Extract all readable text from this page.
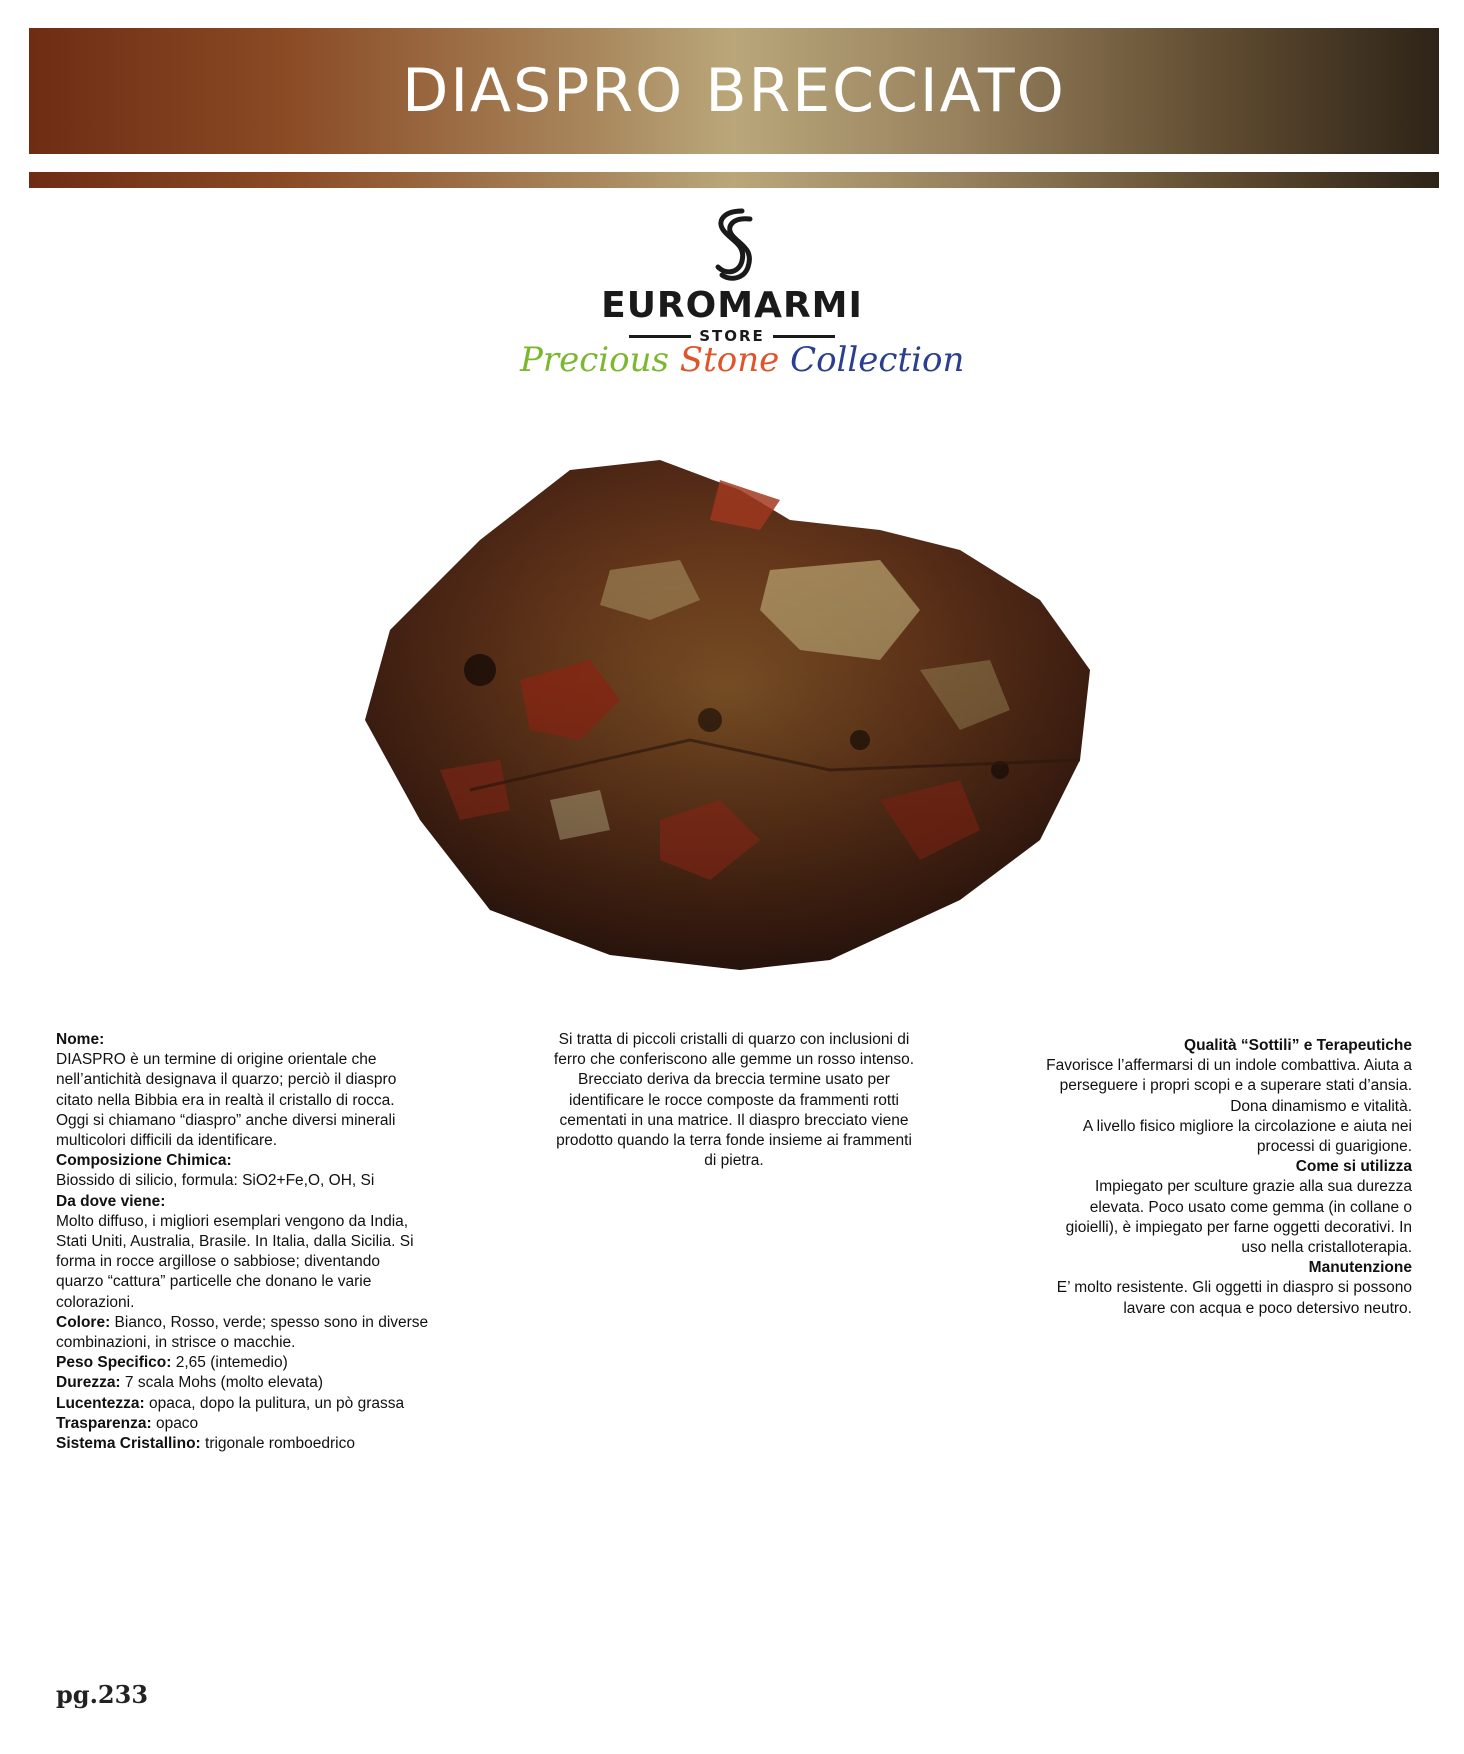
DIASPRO BRECCIATO
EUROMARMI
STORE
Precious Stone Collection

Nome:

DIASPRO è un termine di origine orientale che

nell’antichità designava il quarzo; perciò il diaspro

citato nella Bibbia era in realtà il cristallo di rocca.

Oggi si chiamano “diaspro” anche diversi minerali

multicolori difficili da identificare.

Composizione Chimica:

Biossido di silicio, formula: SiO2+Fe,O, OH, Si

Da dove viene:

Molto diffuso, i migliori esemplari vengono da India,

Stati Uniti, Australia, Brasile. In Italia, dalla Sicilia. Si

forma in rocce argillose o sabbiose; diventando

quarzo “cattura” particelle che donano le varie

colorazioni.

Colore: Bianco, Rosso, verde; spesso sono in diverse

combinazioni, in strisce o macchie.

Peso Specifico: 2,65 (intemedio)

Durezza: 7 scala Mohs (molto elevata)

Lucentezza: opaca, dopo la pulitura, un pò grassa

Trasparenza: opaco

Sistema Cristallino: trigonale romboedrico

Si tratta di piccoli cristalli di quarzo con inclusioni di

ferro che conferiscono alle gemme un rosso intenso.

Brecciato deriva da breccia termine usato per

identificare le rocce composte da frammenti rotti

cementati in una matrice. Il diaspro brecciato viene

prodotto quando la terra fonde insieme ai frammenti

di pietra.

Qualità “Sottili” e Terapeutiche

Favorisce l’affermarsi di un indole combattiva. Aiuta a

perseguere i propri scopi e a superare stati d’ansia.

Dona dinamismo e vitalità.

A livello fisico migliore la circolazione e aiuta nei

processi di guarigione.

Come si utilizza

Impiegato per sculture grazie alla sua durezza

elevata. Poco usato come gemma (in collane o

gioielli), è impiegato per farne oggetti decorativi. In

uso nella cristalloterapia.

Manutenzione

E’ molto resistente. Gli oggetti in diaspro si possono

lavare con acqua e poco detersivo neutro.

pg.233
